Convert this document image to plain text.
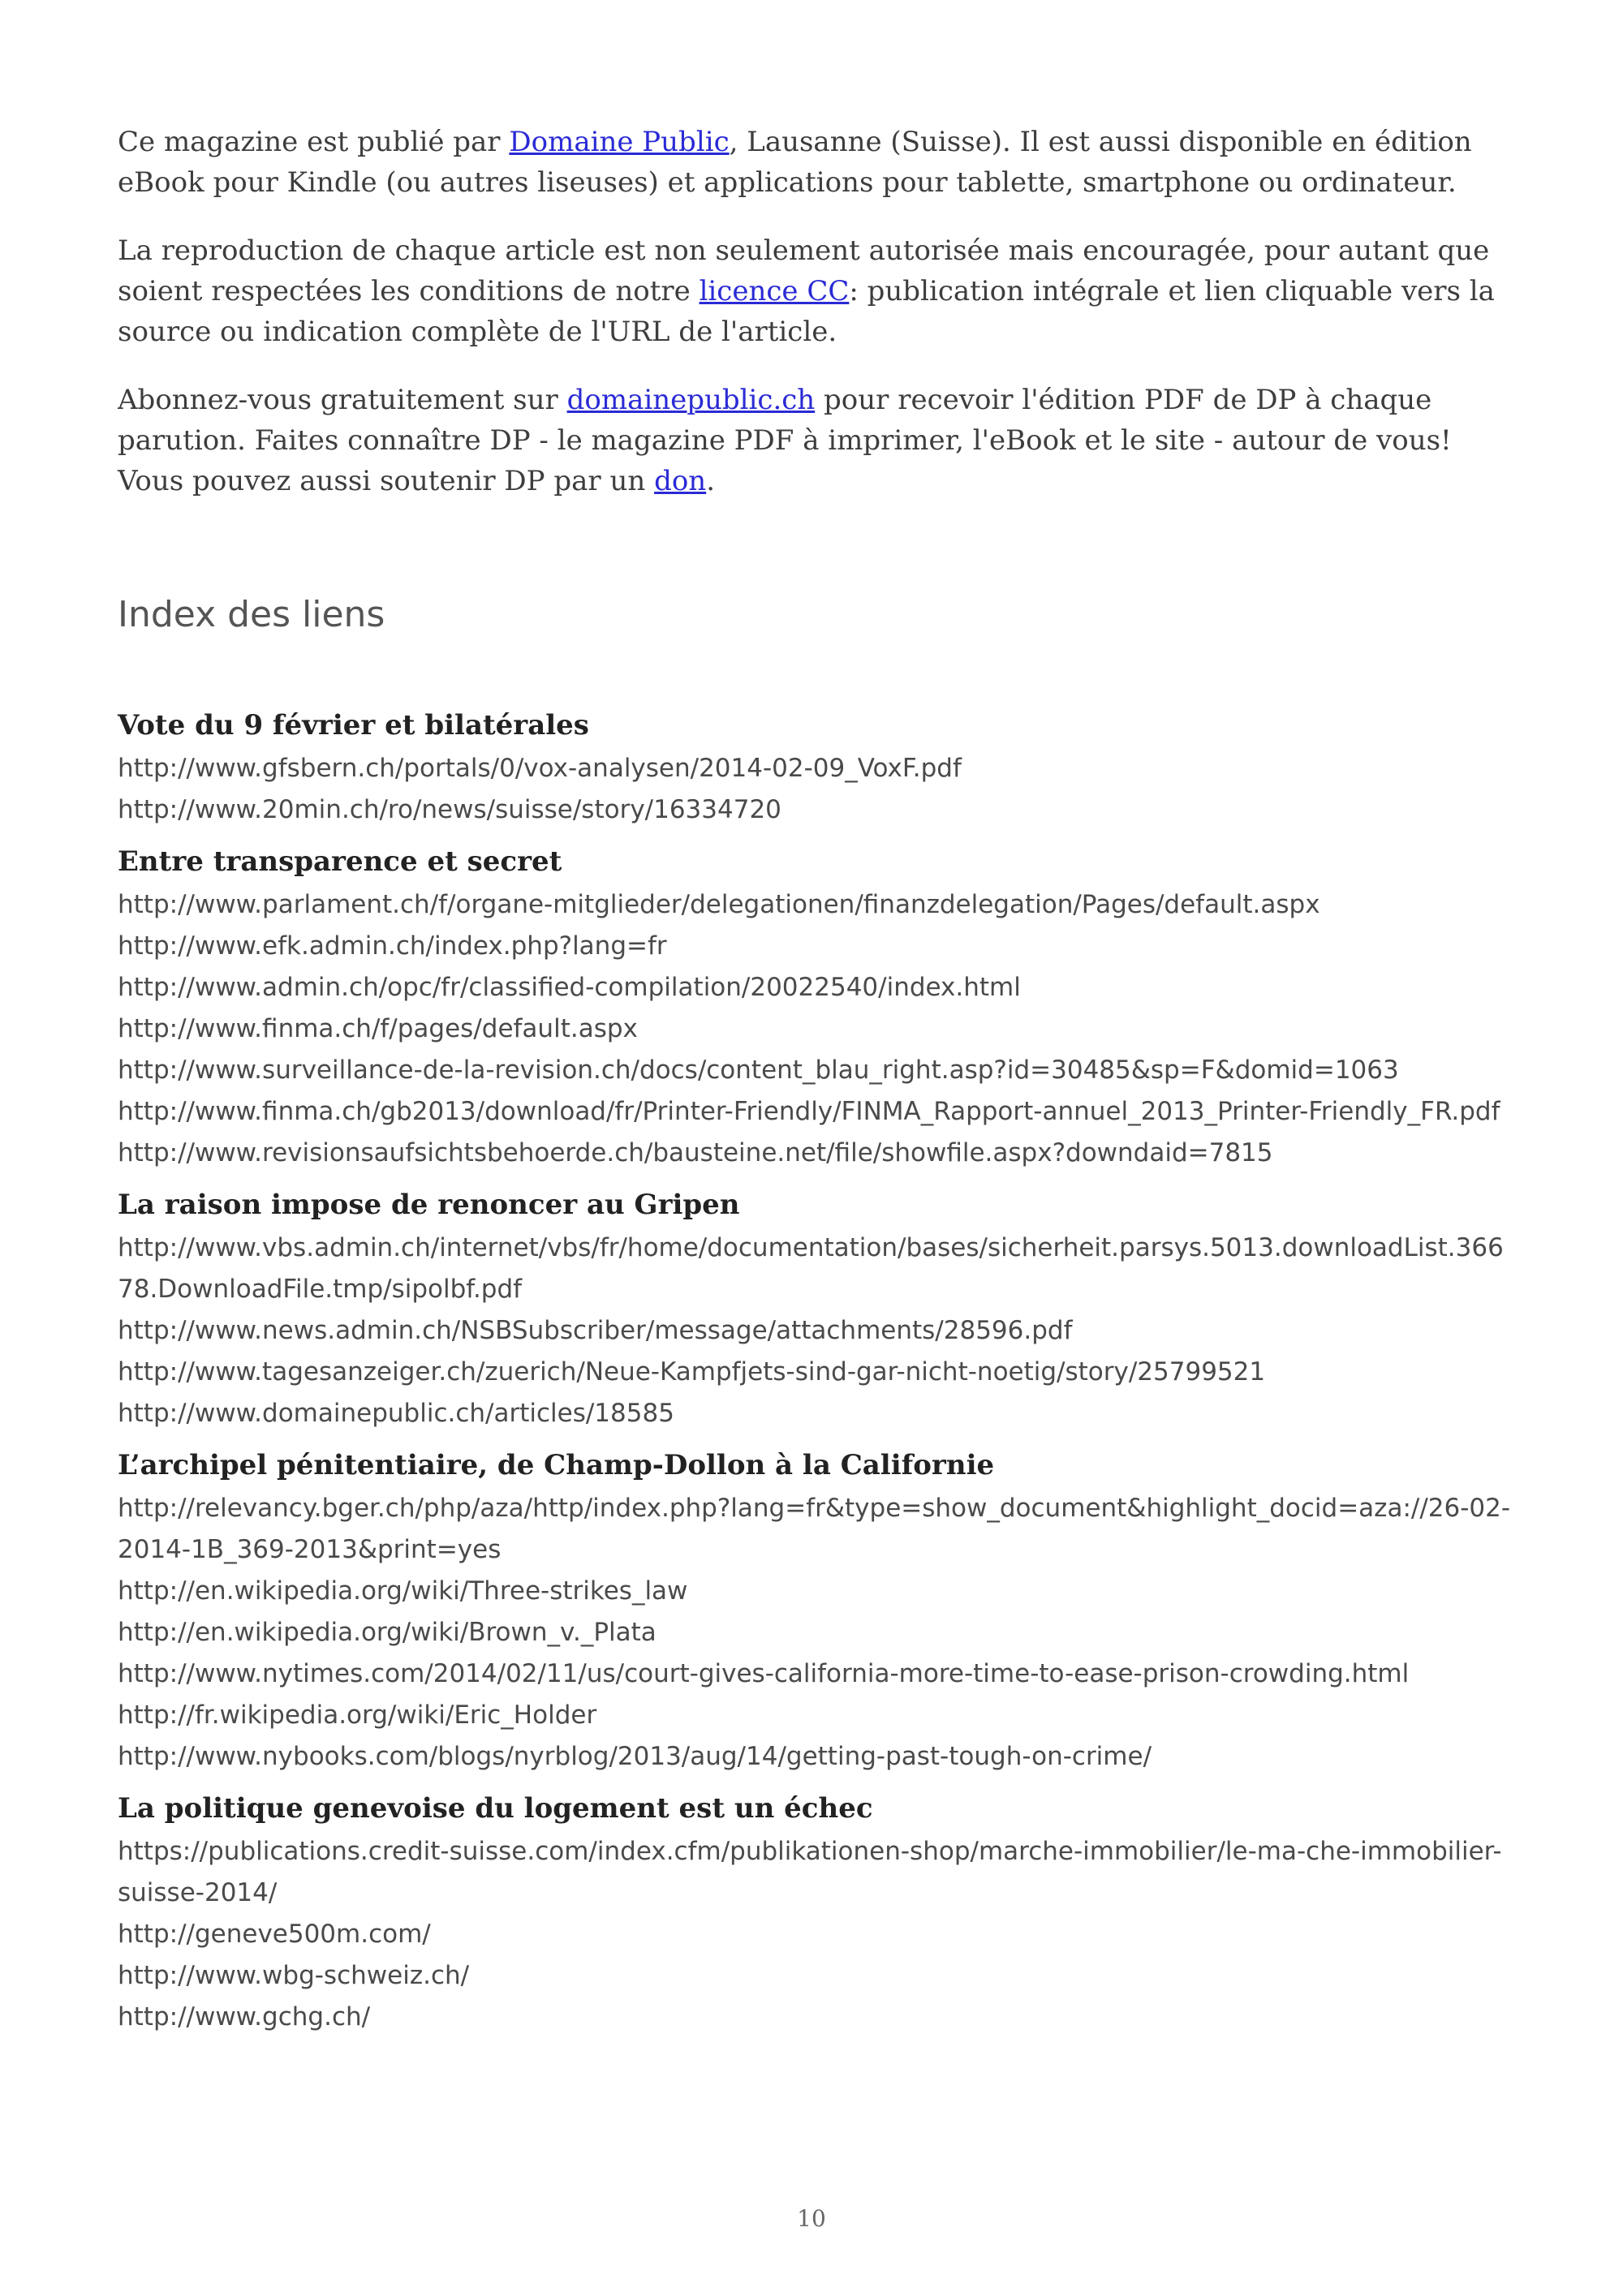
Ce magazine est publié par Domaine Public, Lausanne (Suisse). Il est aussi disponible en édition eBook pour Kindle (ou autres liseuses) et applications pour tablette, smartphone ou ordinateur.

La reproduction de chaque article est non seulement autorisée mais encouragée, pour autant que soient respectées les conditions de notre licence CC: publication intégrale et lien cliquable vers la source ou indication complète de l'URL de l'article.

Abonnez-vous gratuitement sur domainepublic.ch pour recevoir l'édition PDF de DP à chaque parution. Faites connaître DP - le magazine PDF à imprimer, l'eBook et le site - autour de vous! Vous pouvez aussi soutenir DP par un don.

Index des liens
Vote du 9 février et bilatérales
http://www.gfsbern.ch/portals/0/vox-analysen/2014-02-09_VoxF.pdf
http://www.20min.ch/ro/news/suisse/story/16334720
Entre transparence et secret
http://www.parlament.ch/f/organe-mitglieder/delegationen/finanzdelegation/Pages/default.aspx
http://www.efk.admin.ch/index.php?lang=fr
http://www.admin.ch/opc/fr/classified-compilation/20022540/index.html
http://www.finma.ch/f/pages/default.aspx
http://www.surveillance-de-la-revision.ch/docs/content_blau_right.asp?id=30485&sp=F&domid=1063
http://www.finma.ch/gb2013/download/fr/Printer-Friendly/FINMA_Rapport-annuel_2013_Printer-Friendly_FR.pdf
http://www.revisionsaufsichtsbehoerde.ch/bausteine.net/file/showfile.aspx?downdaid=7815
La raison impose de renoncer au Gripen
http://www.vbs.admin.ch/internet/vbs/fr/home/documentation/bases/sicherheit.parsys.5013.downloadList.36678.DownloadFile.tmp/sipolbf.pdf
http://www.news.admin.ch/NSBSubscriber/message/attachments/28596.pdf
http://www.tagesanzeiger.ch/zuerich/Neue-Kampfjets-sind-gar-nicht-noetig/story/25799521
http://www.domainepublic.ch/articles/18585
L’archipel pénitentiaire, de Champ-Dollon à la Californie
http://relevancy.bger.ch/php/aza/http/index.php?lang=fr&type=show_document&highlight_docid=aza://26-02-2014-1B_369-2013&print=yes
http://en.wikipedia.org/wiki/Three-strikes_law
http://en.wikipedia.org/wiki/Brown_v._Plata
http://www.nytimes.com/2014/02/11/us/court-gives-california-more-time-to-ease-prison-crowding.html
http://fr.wikipedia.org/wiki/Eric_Holder
http://www.nybooks.com/blogs/nyrblog/2013/aug/14/getting-past-tough-on-crime/
La politique genevoise du logement est un échec
https://publications.credit-suisse.com/index.cfm/publikationen-shop/marche-immobilier/le-ma-che-immobilier-suisse-2014/
http://geneve500m.com/
http://www.wbg-schweiz.ch/
http://www.gchg.ch/
10
